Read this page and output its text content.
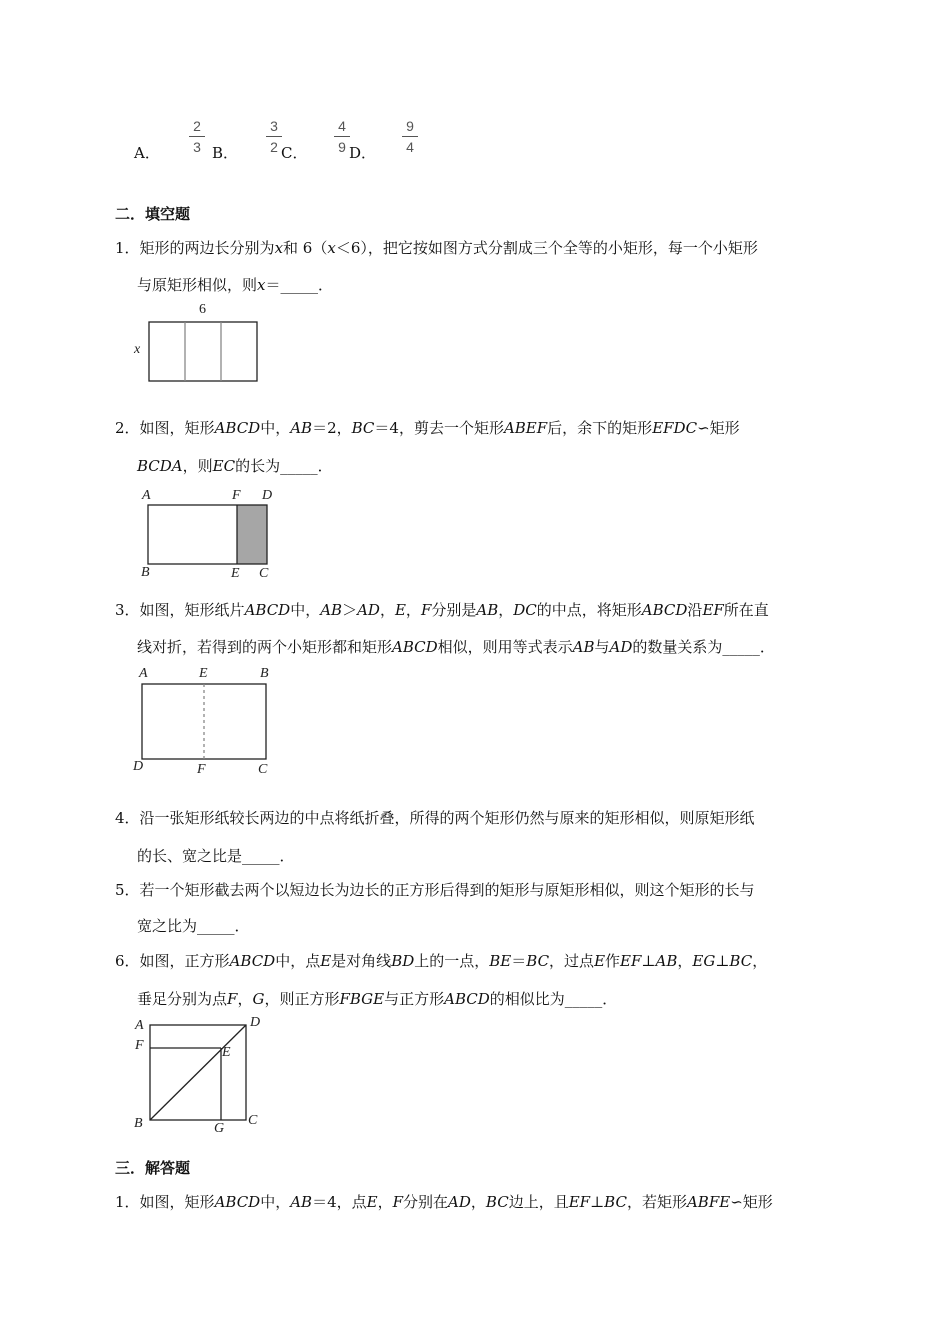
A．
2
3 B．
3
2 C．
4
9 D．
9
4
二．填空题
1．矩形的两边长分别为x和 6（x＜6），把它按如图方式分割成三个全等的小矩形，每一个小矩形
与原矩形相似，则x＝_____．
6
x
2．如图，矩形ABCD中，AB＝2，BC＝4，剪去一个矩形ABEF后，余下的矩形EFDC∽矩形
BCDA，则EC的长为_____．
A	F D
B	E C
3．如图，矩形纸片ABCD中，AB＞AD，E，F分别是AB，DC的中点，将矩形ABCD沿EF所在直
线对折，若得到的两个小矩形都和矩形ABCD相似，则用等式表示AB与AD的数量关系为_____．
A	E	B
D	F	C
4．沿一张矩形纸较长两边的中点将纸折叠，所得的两个矩形仍然与原来的矩形相似，则原矩形纸
的长、宽之比是_____．
5．若一个矩形截去两个以短边长为边长的正方形后得到的矩形与原矩形相似，则这个矩形的长与
宽之比为_____．
6．如图，正方形ABCD中，点E是对角线BD上的一点，BE＝BC，过点E作EF⊥AB，EG⊥BC，
垂足分别为点F，G，则正方形FBGE与正方形ABCD的相似比为_____．
A	D
F	E
B	G
C
三．解答题
1．如图，矩形ABCD中，AB＝4，点E，F分别在AD，BC边上，且EF⊥BC，若矩形ABFE∽矩形
